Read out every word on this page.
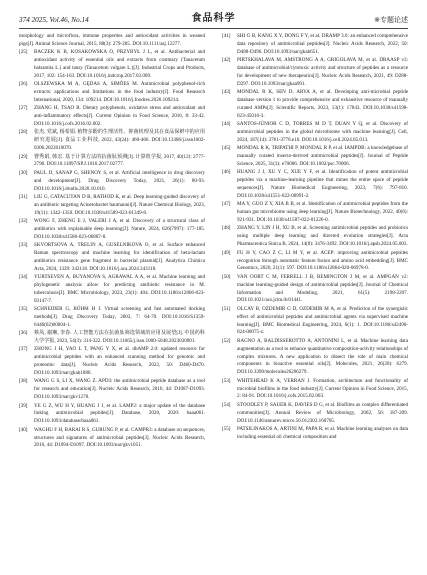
374 2025, Vol.46, No.14	食品科学	※专题论述
morphology and microflora, immune properties and antioxidant activities in weaned pigs[J]. Animal Science Journal, 2015, 88(3): 279-285. DOI:10.1111/asj.12277.
[25] BACZEK K B, KOSAKOWSKA O, PRZYBYŁ J L, et al. Antibacterial and antioxidant activity of essential oils and extracts from costmary (Tanacetum balsamita L.) and tansy (Tanacetum vulgare L.)[J]. Industrial Crops and Products, 2017, 102: 154-163. DOI:10.1016/j.indcrop.2017.03.009.
[26] OLSZEWSKA M A, GĘDAS A, SIMÕES M. Antimicrobial polyphenol-rich extracts: applications and limitations in the food industry[J]. Food Research International, 2020, 134: 109214. DOI:10.1016/j.foodres.2020.109214.
[27] ZHANG H, TSAO R. Dietary polyphenols, oxidative stress and antioxidant and anti-inflammatory effects[J]. Current Opinion in Food Science, 2016, 8: 33-42. DOI:10.1016/j.cofs.2016.02.002.
[28] 张杰, 党斌, 杨希娟. 植物多酚的生理活性、抑菌机理及其在食品保鲜中的应用研究进展[J]. 食品工业科技, 2022, 43(24): 460-466. DOI:10.13386/j.issn1002-0306.2022010070.
[29] 曹秀娟, 韩宏. 基于计算方法的抗菌肽预测[J]. 计算机学报, 2017, 40(12): 2777-2796. DOI:10.11897/SP.J.1016.2017.02777.
[30] PAUL D, SANAP G, SHENOY S, et al. Artificial intelligence in drug discovery and development[J]. Drug Discovery Today, 2021, 26(1): 80-93. DOI:10.1016/j.drudis.2020.10.010.
[31] LIU G, CATACUTAN D B, RATHOD K, et al. Deep learning-guided discovery of an antibiotic targeting Acinetobacter baumannii[J]. Nature Chemical Biology, 2023, 19(11): 1342-1350. DOI:10.1038/s41589-023-01349-8.
[32] WONG F, ZHENG E J, VALERI J A, et al. Discovery of a structural class of antibiotics with explainable deep learning[J]. Nature, 2024, 626(7997): 177-185. DOI:10.1038/s41586-023-06887-8.
[33] SKVORTSOVA A, TRELIN A, GUSELNIKOVA O, et al. Surface enhanced Raman spectroscopy and machine learning for identification of beta-lactam antibiotics resistance gene fragment in bacterial plasmid[J]. Analytica Chimica Acta, 2024, 1329: 343118. DOI:10.1016/j.aca.2024.343118.
[34] YURTSEVEN A, BUYANOVA S, AGRAWAL A A, et al. Machine learning and phylogenetic analysis allow for predicting antibiotic resistance in M. tuberculosis[J]. BMC Microbiology, 2023, 23(1): 404. DOI:10.1186/s12866-023-03147-7.
[35] SCHNEIDER G, BÖHM H J. Virtual screening and fast automated docking methods[J]. Drug Discovery Today, 2002, 7: 64-70. DOI:10.1016/S1359-6446(02)00004-1.
[36] 蔡凤, 谢琳, 李春. 人工智能方法在抗菌肽筛选领域的应用及展望[J]. 中国药科大学学报, 2023, 54(3): 314-322. DOI:10.11665/j.issn.1000-5048.2023030901.
[37] ZHONG J H, YAO L T, PANG Y X, et al. dbAMP 2.0: updated resource for antimicrobial peptides with an enhanced scanning method for genomic and proteomic data[J]. Nucleic Acids Research, 2022, 50: D460-D470. DOI:10.1093/nar/gkab1080.
[38] WANG G S, LI X, WANG Z. APD3: the antimicrobial peptide database as a tool for research and education[J]. Nucleic Acids Research, 2016, 44: D1087-D1093. DOI:10.1093/nar/gkv1278.
[39] YE G Z, WU H Y, HUANG J J, et al. LAMP2: a major update of the database linking antimicrobial peptides[J]. Database, 2020, 2020: baaa061. DOI:10.1093/database/baaa061.
[40] WAGHU F H, BARAI R S, GURUNG P, et al. CAMPR3: a database on sequences, structures and signatures of antimicrobial peptides[J]. Nucleic Acids Research, 2016, 44: D1094-D1097. DOI:10.1093/nar/gkv1051.
[41] SHI G B, KANG X Y, DONG F Y, et al. DRAMP 3.0: an enhanced comprehensive data repository of antimicrobial peptides[J]. Nucleic Acids Research, 2022, 50: D488-D496. DOI:10.1093/nar/gkab651.
[42] PIRTSKHALAVA M, AMSTRONG A A, GRIGOLAVA M, et al. DBAASP v3: database of antimicrobial/cytotoxic activity and structure of peptides as a resource for development of new therapeutics[J]. Nucleic Acids Research, 2021, 49: D288-D297. DOI:10.1093/nar/gkaa991.
[43] MONDAL R K, SEN D, ARYA A, et al. Developing anti-microbial peptide database version 1 to provide comprehensive and exhaustive resource of manually curated AMPs[J]. Scientific Reports, 2023, 13(1): 17843. DOI:10.1038/s41598-023-45016-3.
[44] SANTOS-JÚNIOR C D, TORRES M D T, DUAN Y Q, et al. Discovery of antimicrobial peptides in the global microbiome with machine learning[J]. Cell, 2024, 187(14): 3761-3778.e16. DOI:10.1016/j.cell.2024.05.013.
[45] MONDAL R K, TRIPATHI P, MONDAL R P, et al. IAMPDB: a knowledgebase of manually curated insecto-derived antimicrobial peptides[J]. Journal of Peptide Science, 2025, 31(3): e70006. DOI:10.1002/psc.70006.
[46] HUANG J J, XU Y C, XUE Y F, et al. Identification of potent antimicrobial peptides via a machine-learning pipeline that mines the entire space of peptide sequences[J]. Nature Biomedical Engineering, 2023, 7(6): 797-810. DOI:10.1038/s41551-022-00991-2.
[47] MA Y, GUO Z Y, XIA B B, et al. Identification of antimicrobial peptides from the human gut microbiome using deep learning[J]. Nature Biotechnology, 2022, 40(6): 921-931. DOI:10.1038/s41587-022-01226-0.
[48] ZHANG Y, LIN J H, XU B, et al. Screening antimicrobial peptides and probiotics using multiple deep learning and directed evolution strategies[J]. Acta Pharmaceutica Sinica B, 2024, 14(8): 3476-3492. DOI:10.1016/j.apsb.2024.05.003.
[49] FU H Y, CAO Z C, LI M Y, et al. ACEP: improving antimicrobial peptides recognition through automatic feature fusion and amino acid embedding[J]. BMC Genomics, 2020, 21(1): 597. DOI:10.1186/s12864-020-06978-0.
[50] VAN OORT C M, FERRELL J B, REMINGTON J M, et al. AMPGAN v2: machine learning-guided design of antimicrobial peptides[J]. Journal of Chemical Information and Modeling, 2021, 61(5): 2198-2207. DOI:10.1021/acs.jcim.0c01441.
[51] OLCAY B, OZDEMIR G D, OZDEMIR M A, et al. Prediction of the synergistic effect of antimicrobial peptides and antimicrobial agents via supervised machine learning[J]. BMC Biomedical Engineering, 2024, 6(1): 1. DOI:10.1186/s42490-024-00075-z.
[52] RAGNO A, BALDISSEROTTO A, ANTONINI L, et al. Machine learning data augmentation as a tool to enhance quantitative composition-activity relationships of complex mixtures. A new application to dissect the role of main chemical components in bioactive essential oils[J]. Molecules, 2021, 26(20): 6279. DOI:10.3390/molecules26206279.
[53] WHITEHEAD K A, VERRAN J. Formation, architecture and functionality of microbial biofilms in the food industry[J]. Current Opinion in Food Science, 2015, 2: 84-91. DOI:10.1016/j.cofs.2015.02.003.
[54] STOODLEY P, SAUER K, DAVIES D G, et al. Biofilms as complex differentiated communities[J]. Annual Review of Microbiology, 2002, 56: 187-209. DOI:10.1146/annurev.micro.56.012302.160705.
[55] PATSILINAKOS A, ARTINI M, PAPA R, et al. Machine learning analyses on data including essential oil chemical composition and
